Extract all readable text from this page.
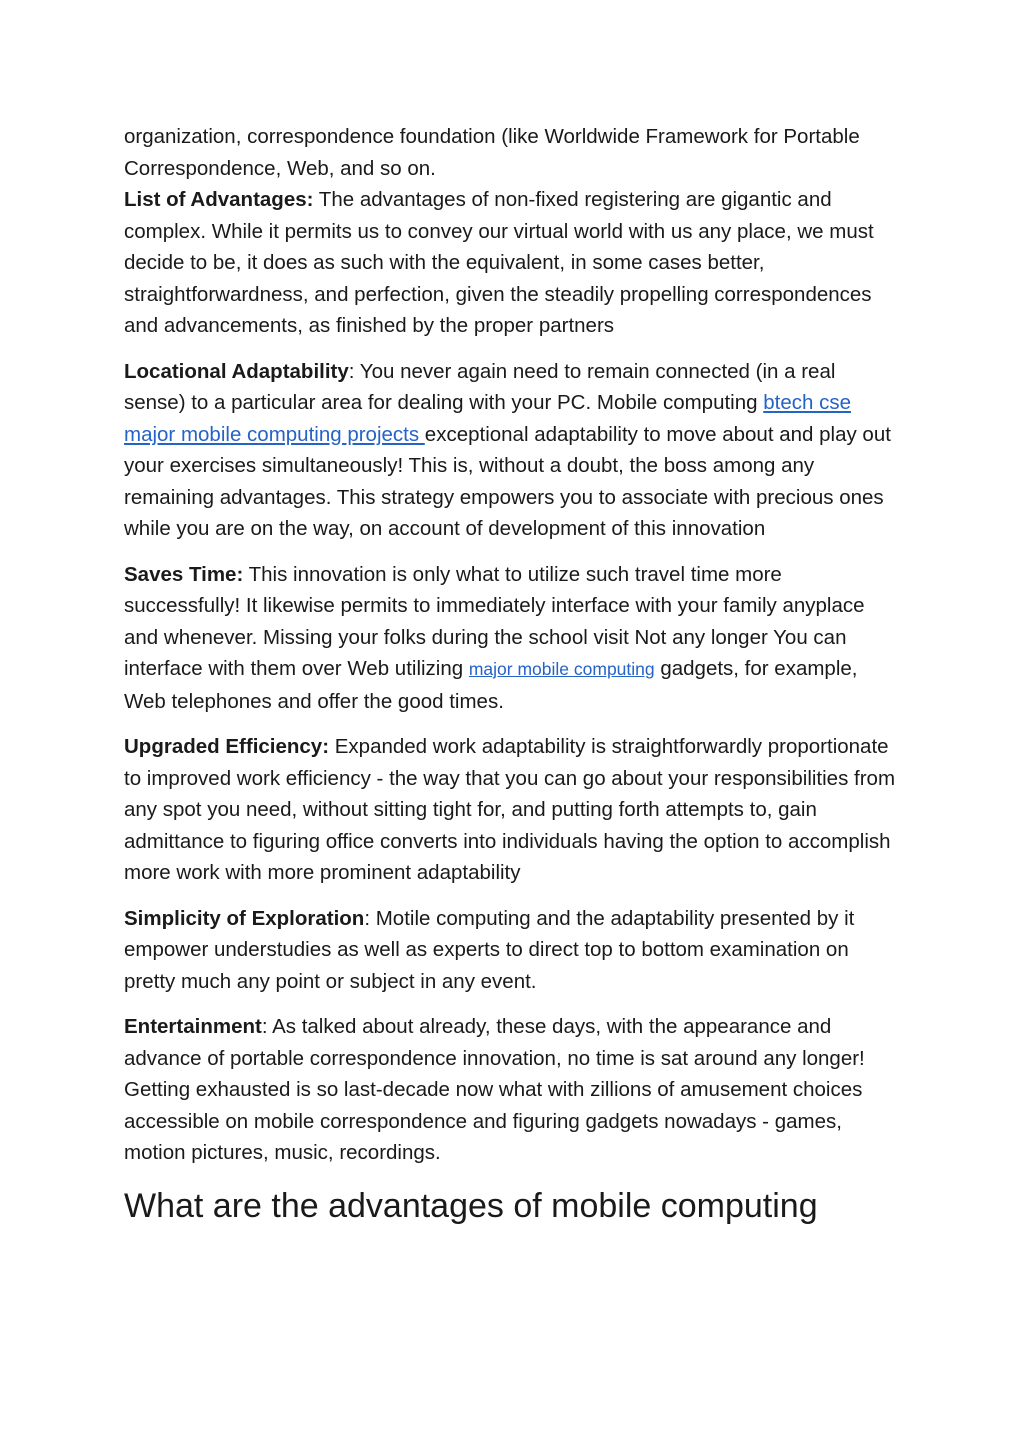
organization, correspondence foundation (like Worldwide Framework for Portable Correspondence, Web, and so on.

List of Advantages: The advantages of non-fixed registering are gigantic and complex. While it permits us to convey our virtual world with us any place, we must decide to be, it does as such with the equivalent, in some cases better, straightforwardness, and perfection, given the steadily propelling correspondences and advancements, as finished by the proper partners

Locational Adaptability: You never again need to remain connected (in a real sense) to a particular area for dealing with your PC. Mobile computing btech cse major mobile computing projects exceptional adaptability to move about and play out your exercises simultaneously! This is, without a doubt, the boss among any remaining advantages. This strategy empowers you to associate with precious ones while you are on the way, on account of development of this innovation

Saves Time: This innovation is only what to utilize such travel time more successfully! It likewise permits to immediately interface with your family anyplace and whenever. Missing your folks during the school visit Not any longer You can interface with them over Web utilizing major mobile computing gadgets, for example, Web telephones and offer the good times.

Upgraded Efficiency: Expanded work adaptability is straightforwardly proportionate to improved work efficiency - the way that you can go about your responsibilities from any spot you need, without sitting tight for, and putting forth attempts to, gain admittance to figuring office converts into individuals having the option to accomplish more work with more prominent adaptability

Simplicity of Exploration: Motile computing and the adaptability presented by it empower understudies as well as experts to direct top to bottom examination on pretty much any point or subject in any event.

Entertainment: As talked about already, these days, with the appearance and advance of portable correspondence innovation, no time is sat around any longer! Getting exhausted is so last-decade now what with zillions of amusement choices accessible on mobile correspondence and figuring gadgets nowadays - games, motion pictures, music, recordings.

What are the advantages of mobile computing
